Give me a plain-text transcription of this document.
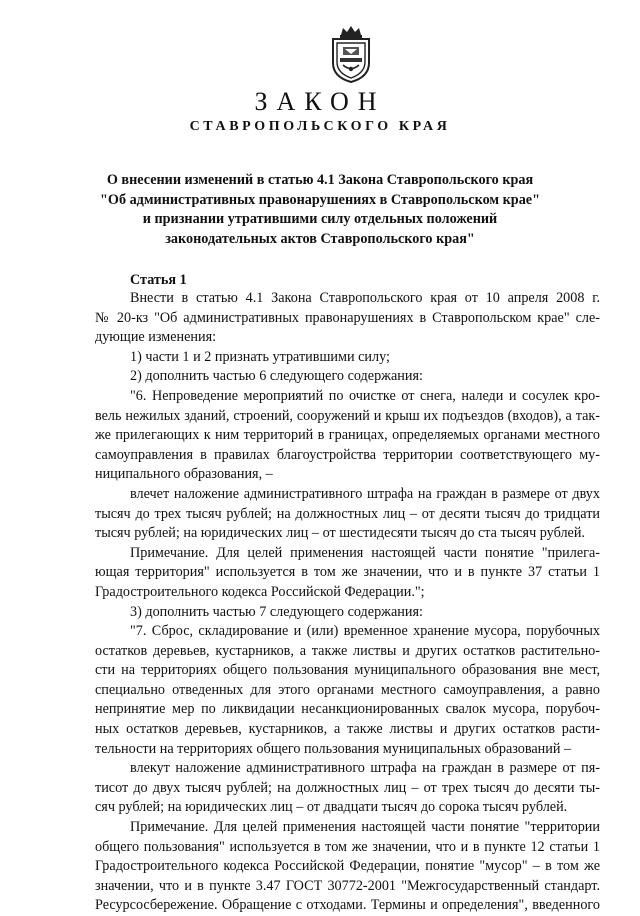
ЗАКОН
СТАВРОПОЛЬСКОГО КРАЯ
О внесении изменений в статью 4.1 Закона Ставропольского края
"Об административных правонарушениях в Ставропольском крае"
и признании утратившими силу отдельных положений
законодательных актов Ставропольского края"
Статья 1
Внести в статью 4.1 Закона Ставропольского края от 10 апреля 2008 г.
№ 20-кз "Об административных правонарушениях в Ставропольском крае" сле-
дующие изменения:
1) части 1 и 2 признать утратившими силу;
2) дополнить частью 6 следующего содержания:
"6. Непроведение мероприятий по очистке от снега, наледи и сосулек кро-
вель нежилых зданий, строений, сооружений и крыш их подъездов (входов), а так-
же прилегающих к ним территорий в границах, определяемых органами местного
самоуправления в правилах благоустройства территории соответствующего му-
ниципального образования, –
влечет наложение административного штрафа на граждан в размере от двух
тысяч до трех тысяч рублей; на должностных лиц – от десяти тысяч до тридцати
тысяч рублей; на юридических лиц – от шестидесяти тысяч до ста тысяч рублей.
Примечание. Для целей применения настоящей части понятие "прилега-
ющая территория" используется в том же значении, что и в пункте 37 статьи 1
Градостроительного кодекса Российской Федерации.";
3) дополнить частью 7 следующего содержания:
"7. Сброс, складирование и (или) временное хранение мусора, порубочных
остатков деревьев, кустарников, а также листвы и других остатков растительно-
сти на территориях общего пользования муниципального образования вне мест,
специально отведенных для этого органами местного самоуправления, а равно
непринятие мер по ликвидации несанкционированных свалок мусора, порубоч-
ных остатков деревьев, кустарников, а также листвы и других остатков расти-
тельности на территориях общего пользования муниципальных образований –
влекут наложение административного штрафа на граждан в размере от пя-
тисот до двух тысяч рублей; на должностных лиц – от трех тысяч до десяти ты-
сяч рублей; на юридических лиц – от двадцати тысяч до сорока тысяч рублей.
Примечание. Для целей применения настоящей части понятие "территории
общего пользования" используется в том же значении, что и в пункте 12 статьи 1
Градостроительного кодекса Российской Федерации, понятие "мусор" – в том же
значении, что и в пункте 3.47 ГОСТ 30772-2001 "Межгосударственный стандарт.
Ресурсосбережение. Обращение с отходами. Термины и определения", введенного
